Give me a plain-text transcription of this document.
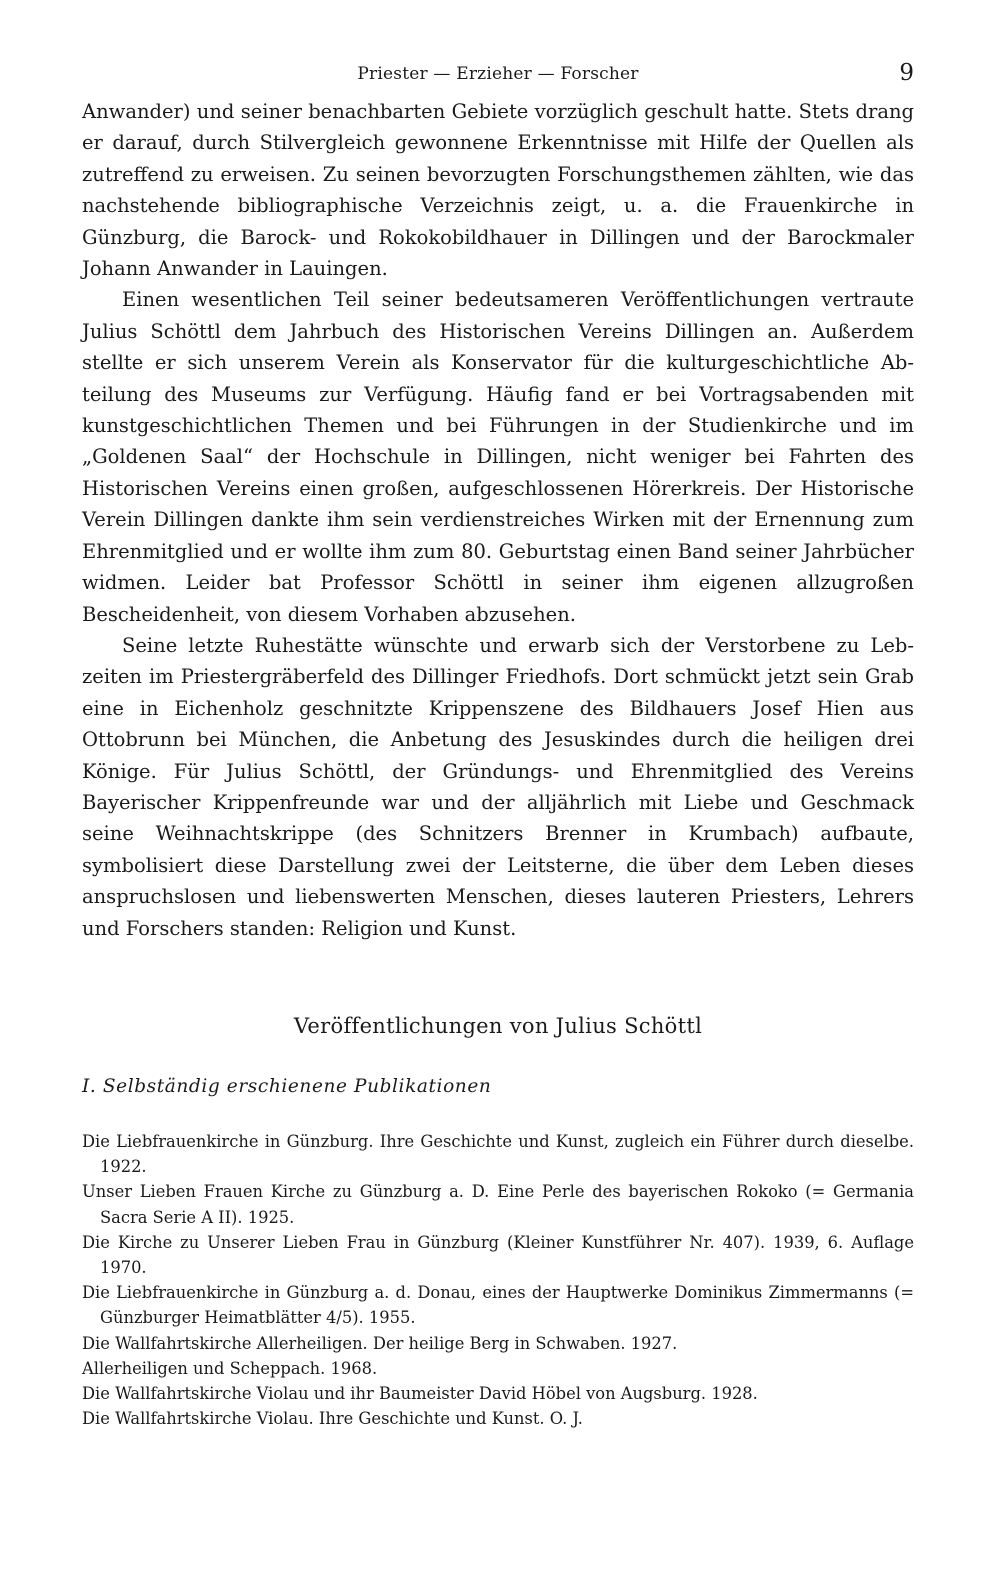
Priester — Erzieher — Forscher	9

Anwander) und seiner benachbarten Gebiete vorzüglich geschult hatte. Stets drang er darauf, durch Stilvergleich gewonnene Erkenntnisse mit Hilfe der Quellen als zutreffend zu erweisen. Zu seinen bevorzugten Forschungsthemen zählten, wie das nachstehende bibliographische Verzeichnis zeigt, u. a. die Frauenkirche in Günzburg, die Barock- und Rokokobildhauer in Dillingen und der Barockmaler Johann Anwander in Lauingen.

Einen wesentlichen Teil seiner bedeutsameren Veröffentlichungen vertraute Julius Schöttl dem Jahrbuch des Historischen Vereins Dillingen an. Außerdem stellte er sich unserem Verein als Konservator für die kulturgeschichtliche Abteilung des Museums zur Verfügung. Häufig fand er bei Vortragsabenden mit kunstgeschichtlichen Themen und bei Führungen in der Studienkirche und im „Goldenen Saal“ der Hochschule in Dillingen, nicht weniger bei Fahrten des Historischen Vereins einen großen, aufgeschlossenen Hörerkreis. Der Historische Verein Dillingen dankte ihm sein verdienstreiches Wirken mit der Ernennung zum Ehrenmitglied und er wollte ihm zum 80. Geburtstag einen Band seiner Jahrbücher widmen. Leider bat Professor Schöttl in seiner ihm eigenen allzugroßen Bescheidenheit, von diesem Vorhaben abzusehen.

Seine letzte Ruhestätte wünschte und erwarb sich der Verstorbene zu Lebzeiten im Priestergräberfeld des Dillinger Friedhofs. Dort schmückt jetzt sein Grab eine in Eichenholz geschnitzte Krippenszene des Bildhauers Josef Hien aus Ottobrunn bei München, die Anbetung des Jesuskindes durch die heiligen drei Könige. Für Julius Schöttl, der Gründungs- und Ehrenmitglied des Vereins Bayerischer Krippenfreunde war und der alljährlich mit Liebe und Geschmack seine Weihnachtskrippe (des Schnitzers Brenner in Krumbach) aufbaute, symbolisiert diese Darstellung zwei der Leitsterne, die über dem Leben dieses anspruchslosen und liebenswerten Menschen, dieses lauteren Priesters, Lehrers und Forschers standen: Religion und Kunst.

Veröffentlichungen von Julius Schöttl
I. Selbständig erschienene Publikationen
Die Liebfrauenkirche in Günzburg. Ihre Geschichte und Kunst, zugleich ein Führer durch dieselbe. 1922.
Unser Lieben Frauen Kirche zu Günzburg a. D. Eine Perle des bayerischen Rokoko (= Germania Sacra Serie A II). 1925.
Die Kirche zu Unserer Lieben Frau in Günzburg (Kleiner Kunstführer Nr. 407). 1939, 6. Auflage 1970.
Die Liebfrauenkirche in Günzburg a. d. Donau, eines der Hauptwerke Dominikus Zimmermanns (= Günzburger Heimatblätter 4/5). 1955.
Die Wallfahrtskirche Allerheiligen. Der heilige Berg in Schwaben. 1927.
Allerheiligen und Scheppach. 1968.
Die Wallfahrtskirche Violau und ihr Baumeister David Höbel von Augsburg. 1928.
Die Wallfahrtskirche Violau. Ihre Geschichte und Kunst. O. J.
